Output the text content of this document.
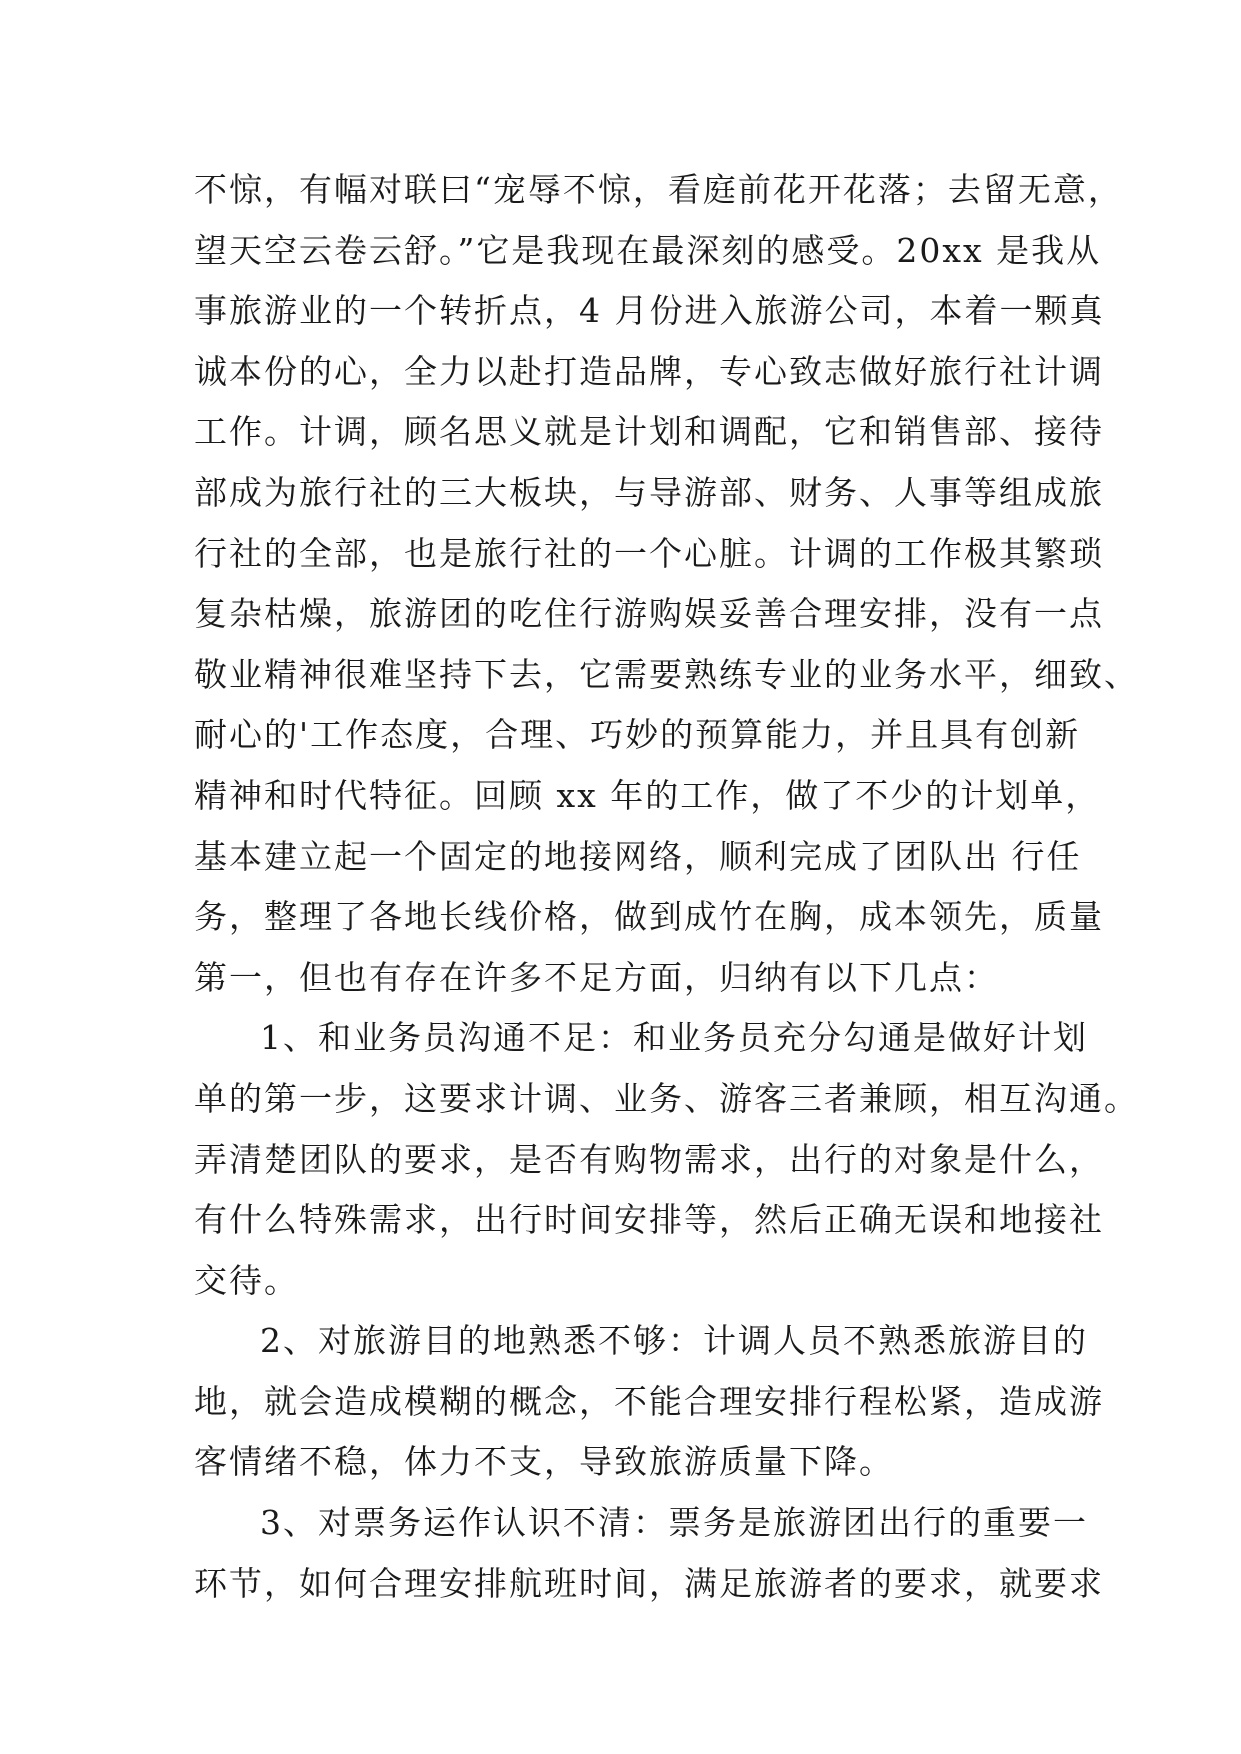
不惊，有幅对联曰“宠辱不惊，看庭前花开花落；去留无意，
望天空云卷云舒。”它是我现在最深刻的感受。20xx 是我从
事旅游业的一个转折点，4 月份进入旅游公司，本着一颗真
诚本份的心，全力以赴打造品牌，专心致志做好旅行社计调
工作。计调，顾名思义就是计划和调配，它和销售部、接待
部成为旅行社的三大板块，与导游部、财务、人事等组成旅
行社的全部，也是旅行社的一个心脏。计调的工作极其繁琐
复杂枯燥，旅游团的吃住行游购娱妥善合理安排，没有一点
敬业精神很难坚持下去，它需要熟练专业的业务水平，细致、
耐心的'工作态度，合理、巧妙的预算能力，并且具有创新
精神和时代特征。回顾 xx 年的工作，做了不少的计划单，
基本建立起一个固定的地接网络，顺利完成了团队出 行任
务，整理了各地长线价格，做到成竹在胸，成本领先，质量
第一，但也有存在许多不足方面，归纳有以下几点：
1、和业务员沟通不足：和业务员充分勾通是做好计划
单的第一步，这要求计调、业务、游客三者兼顾，相互沟通。
弄清楚团队的要求，是否有购物需求，出行的对象是什么，
有什么特殊需求，出行时间安排等，然后正确无误和地接社
交待。
2、对旅游目的地熟悉不够：计调人员不熟悉旅游目的
地，就会造成模糊的概念，不能合理安排行程松紧，造成游
客情绪不稳，体力不支，导致旅游质量下降。
3、对票务运作认识不清：票务是旅游团出行的重要一
环节，如何合理安排航班时间，满足旅游者的要求，就要求
